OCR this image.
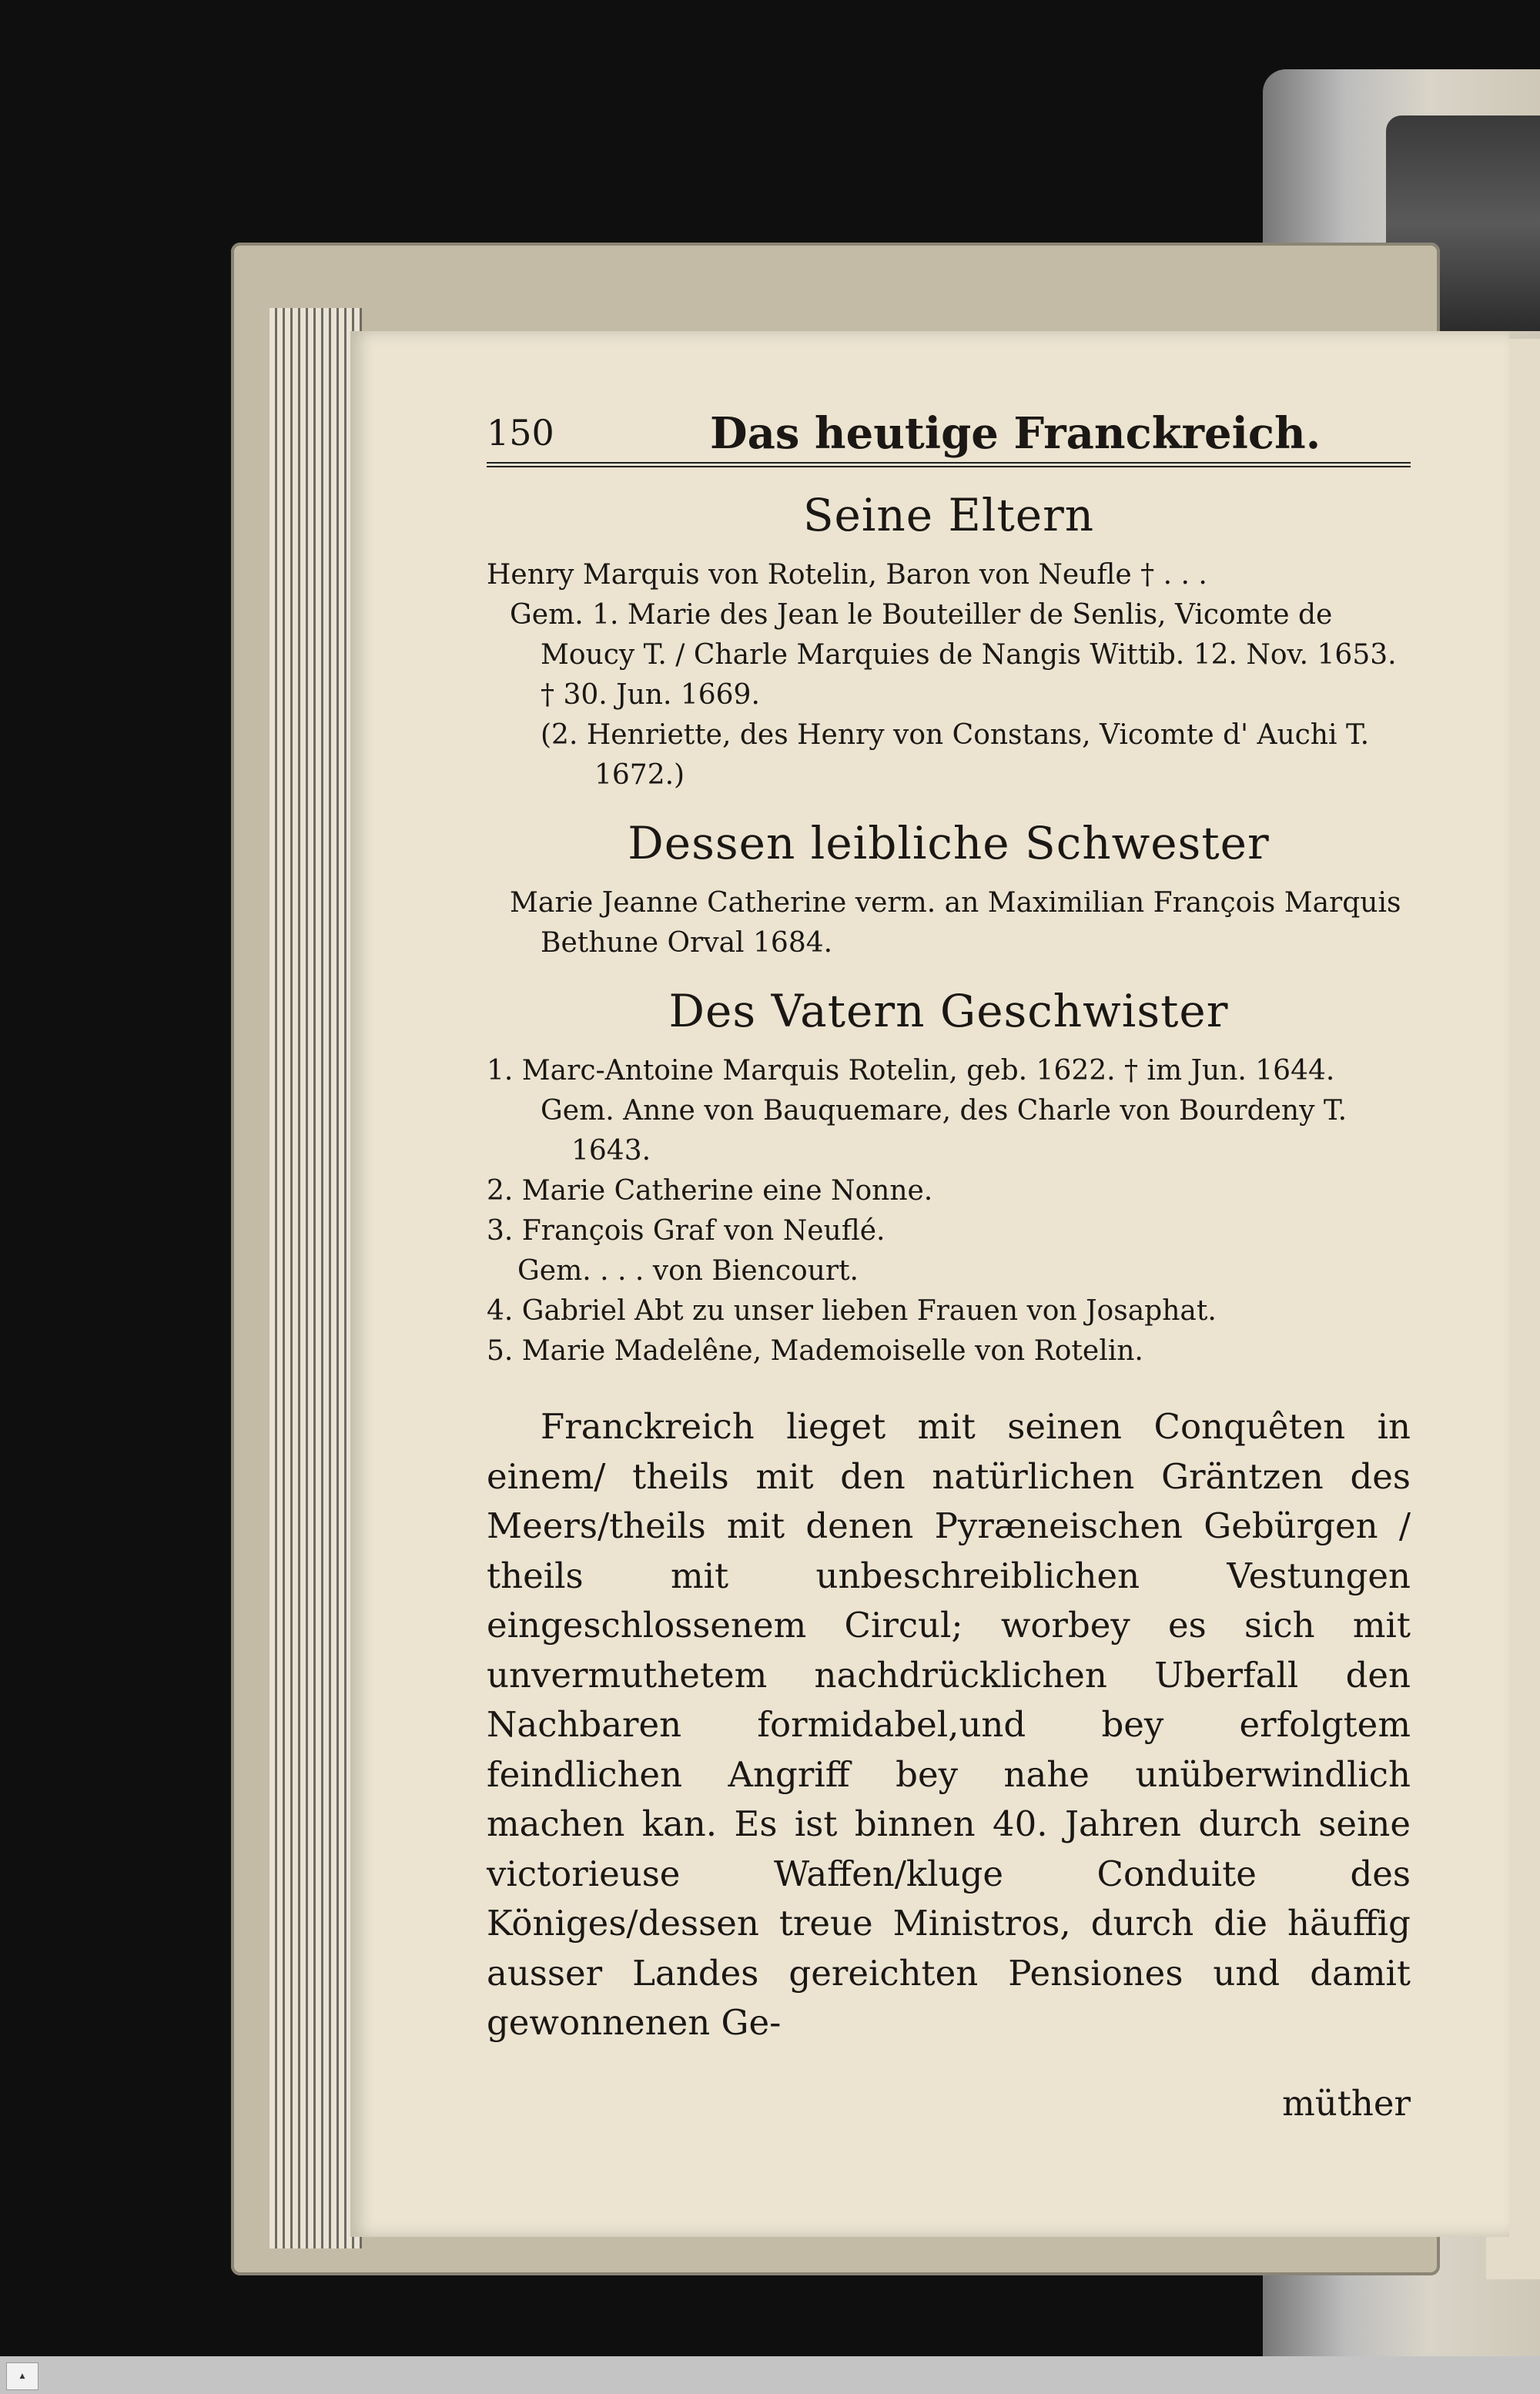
150	Das heutige Franckreich.
Seine Eltern

Henry Marquis von Rotelin, Baron von Neufle † . . .

Gem. 1. Marie des Jean le Bouteiller de Senlis, Vicomte de Moucy T. / Charle Marquies de Nangis Wittib. 12. Nov. 1653. † 30. Jun. 1669.

(2. Henriette, des Henry von Constans, Vicomte d' Auchi T. 1672.)

Dessen leibliche Schwester

Marie Jeanne Catherine verm. an Maximilian François Marquis Bethune Orval 1684.

Des Vatern Geschwister

1. Marc-Antoine Marquis Rotelin, geb. 1622. † im Jun. 1644.

Gem. Anne von Bauquemare, des Charle von Bourdeny T. 1643.

2. Marie Catherine eine Nonne.

3. François Graf von Neuflé.

Gem. . . . von Biencourt.

4. Gabriel Abt zu unser lieben Frauen von Josaphat.

5. Marie Madelêne, Mademoiselle von Rotelin.

Franckreich lieget mit seinen Conquêten in einem/ theils mit den natürlichen Gräntzen des Meers/theils mit denen Pyræneischen Gebürgen / theils mit unbeschreiblichen Vestungen eingeschlossenem Circul; worbey es sich mit unvermuthetem nachdrücklichen Uberfall den Nachbaren formidabel,und bey erfolgtem feindlichen Angriff bey nahe unüberwindlich machen kan. Es ist binnen 40. Jahren durch seine victorieuse Waffen/kluge Conduite des Königes/dessen treue Ministros, durch die häuffig ausser Landes gereichten Pensiones und damit gewonnenen Ge-

müther

▲
